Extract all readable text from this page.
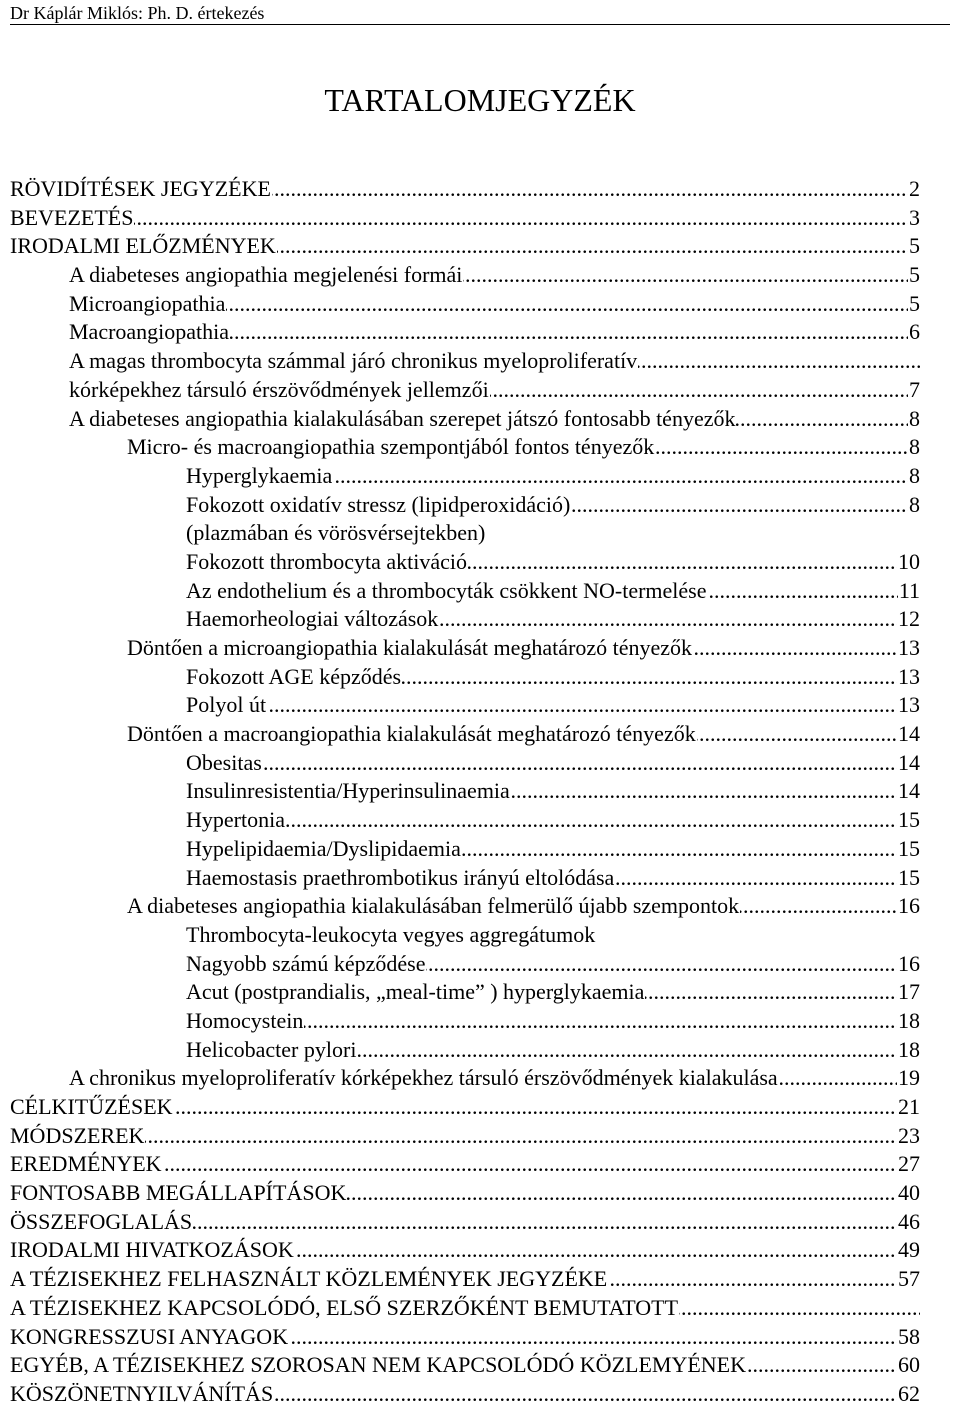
Dr Káplár Miklós: Ph. D. értekezés
TARTALOMJEGYZÉK
RÖVIDÍTÉSEK JEGYZÉKE	2
.....
BEVEZETÉS	3
.....
IRODALMI ELŐZMÉNYEK	5
.....
A diabeteses angiopathia megjelenési formái	5
.....
Microangiopathia	5
.....
Macroangiopathia	6
.....
A magas thrombocyta számmal járó chronikus myeloproliferatív .....
kórképekhez társuló érszövődmények jellemzői	7
.....
A diabeteses angiopathia kialakulásában szerepet játszó fontosabb tényezők	8
.....
Micro- és macroangiopathia szempontjából fontos tényezők	8
.....
Hyperglykaemia	8
.....
Fokozott oxidatív stressz (lipidperoxidáció)	8
.....
(plazmában és vörösvérsejtekben)
Fokozott thrombocyta aktiváció	10
.....
Az endothelium és a thrombocyták csökkent NO-termelése	11
.....
Haemorheologiai változások	12
.....
Döntően a microangiopathia kialakulását meghatározó tényezők	13
.....
Fokozott AGE képződés	13
.....
Polyol út	13
.....
Döntően a macroangiopathia kialakulását meghatározó tényezők	14
.....
Obesitas	14
.....
Insulinresistentia/Hyperinsulinaemia	14
.....
Hypertonia	15
.....
Hypelipidaemia/Dyslipidaemia	15
.....
Haemostasis praethrombotikus irányú eltolódása	15
.....
A diabeteses angiopathia kialakulásában felmerülő újabb szempontok	16
.....
Thrombocyta-leukocyta vegyes aggregátumok
Nagyobb számú képződése	16
.....
Acut (postprandialis, „meal-time” ) hyperglykaemia	17
.....
Homocystein	18
.....
Helicobacter pylori	18
.....
A chronikus myeloproliferatív kórképekhez társuló érszövődmények kialakulása	19
.....
CÉLKITŰZÉSEK	21
.....
MÓDSZEREK	23
.....
EREDMÉNYEK	27
.....
FONTOSABB MEGÁLLAPÍTÁSOK	40
.....
ÖSSZEFOGLALÁS	46
.....
IRODALMI HIVATKOZÁSOK	49
.....
A TÉZISEKHEZ FELHASZNÁLT KÖZLEMÉNYEK JEGYZÉKE	57
.....
A TÉZISEKHEZ KAPCSOLÓDÓ, ELSŐ SZERZŐKÉNT BEMUTATOTT .....
KONGRESSZUSI ANYAGOK	58
.....
EGYÉB, A TÉZISEKHEZ SZOROSAN NEM KAPCSOLÓDÓ KÖZLEMYÉNEK	60
.....
KÖSZÖNETNYILVÁNÍTÁS	62
.....
